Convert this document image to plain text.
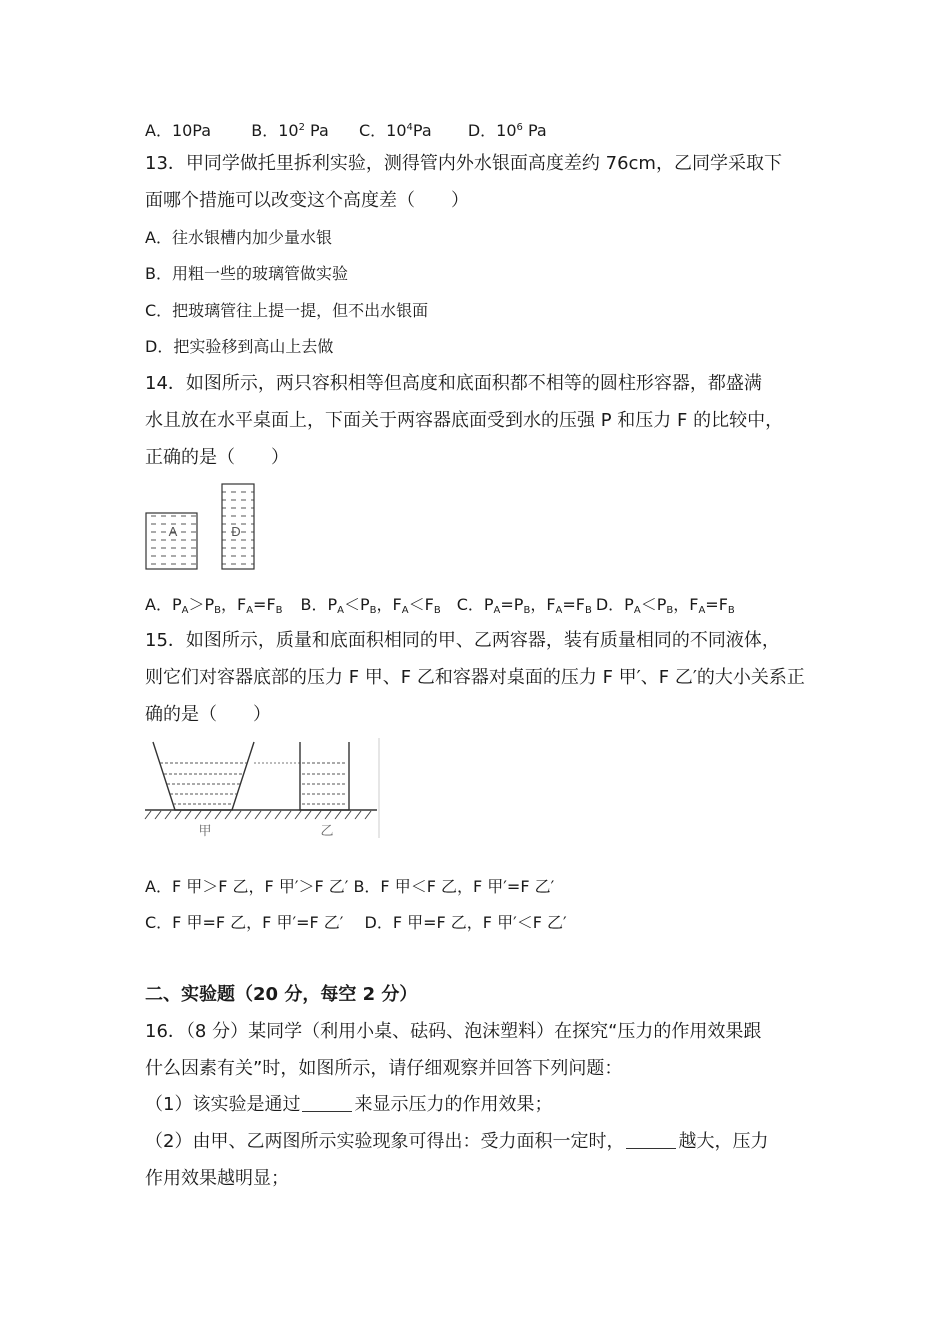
A．10Pa	B．$10^2$ Pa C．$10^4Pa$ D．$10^6$ Pa
13．甲同学做托里拆利实验，测得管内外水银面高度差约 76cm，乙同学采取下
面哪个措施可以改变这个高度差（　　）
A．往水银槽内加少量水银
B．用粗一些的玻璃管做实验
C．把玻璃管往上提一提，但不出水银面
D．把实验移到高山上去做
14．如图所示，两只容积相等但高度和底面积都不相等的圆柱形容器，都盛满
水且放在水平桌面上，下面关于两容器底面受到水的压强 P 和压力 F 的比较中，
正确的是（　　）
A	D
A．$P_A>P_B$，$F_A=F_B$ B．$P_A<P_B$，$F_A<F_B$ C．$P_A=P_B$，$F_A=F_B$ D．$P_A<P_B$，$F_A=F_B$
15．如图所示，质量和底面积相同的甲、乙两容器，装有质量相同的不同液体，
则它们对容器底部的压力 F 甲、F 乙和容器对桌面的压力 F 甲′、F 乙′的大小关系正
确的是（　　）
甲	乙
A．F 甲＞F 乙，F 甲′＞F 乙′ B．F 甲＜F 乙，F 甲′=F 乙′
C．F 甲=F 乙，F 甲′=F 乙′　 D．F 甲=F 乙，F 甲′＜F 乙′
二、实验题（20 分，每空 2 分）
16．（8 分）某同学（利用小桌、砝码、泡沫塑料）在探究“压力的作用效果跟
什么因素有关”时，如图所示，请仔细观察并回答下列问题：
（1）该实验是通过	来显示压力的作用效果；
（2）由甲、乙两图所示实验现象可得出：受力面积一定时，	越大，压力
作用效果越明显；
